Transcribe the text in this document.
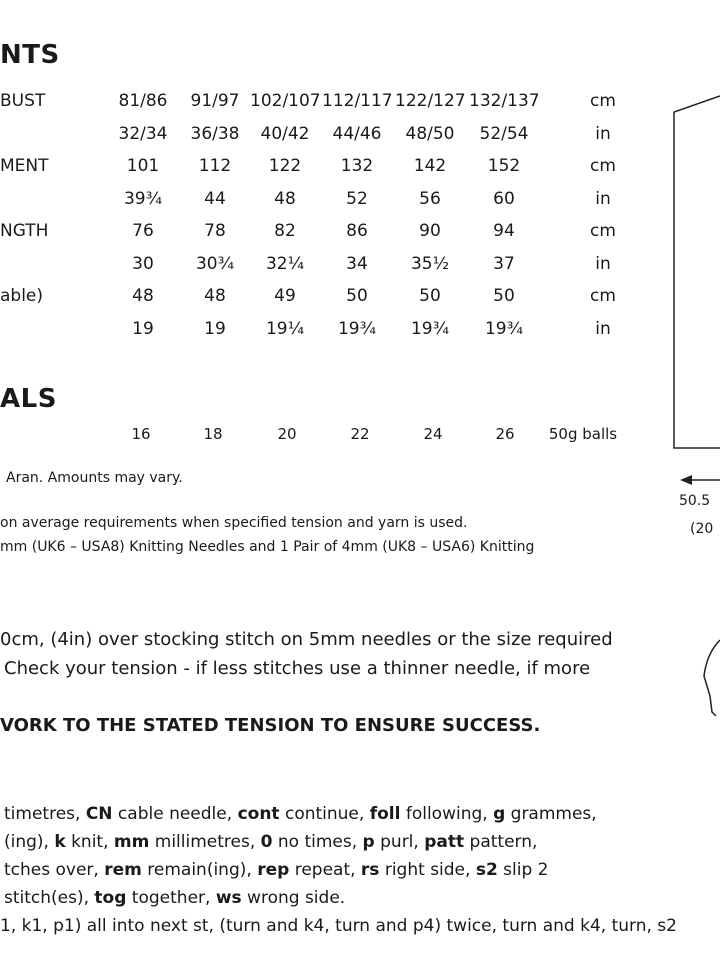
NTS
BUST	81/86	91/97 102/107 112/117 122/127 132/137	cm
32/34	36/38	40/42	44/46	48/50	52/54	in
MENT	101	112	122	132	142	152	cm
39¾	44	48	52	56	60	in
NGTH	76	78	82	86	90	94	cm
30	30¾	32¼	34	35½	37	in
able)	48	48	49	50	50	50	cm
19	19	19¼	19¾	19¾	19¾	in
ALS
16	18	20	22	24	26	50g balls
Aran. Amounts may vary.
on average requirements when specified tension and yarn is used.
mm (UK6 – USA8) Knitting Needles and 1 Pair of 4mm (UK8 – USA6) Knitting
0cm, (4in) over stocking stitch on 5mm needles or the size required
Check your tension - if less stitches use a thinner needle, if more
VORK TO THE STATED TENSION TO ENSURE SUCCESS.
timetres, CN cable needle, cont continue, foll following, g grammes,
(ing), k knit, mm millimetres, 0 no times, p purl, patt pattern,
tches over, rem remain(ing), rep repeat, rs right side, s2 slip 2
stitch(es), tog together, ws wrong side.
1, k1, p1) all into next st, (turn and k4, turn and p4) twice, turn and k4, turn, s2
50.5
(20
